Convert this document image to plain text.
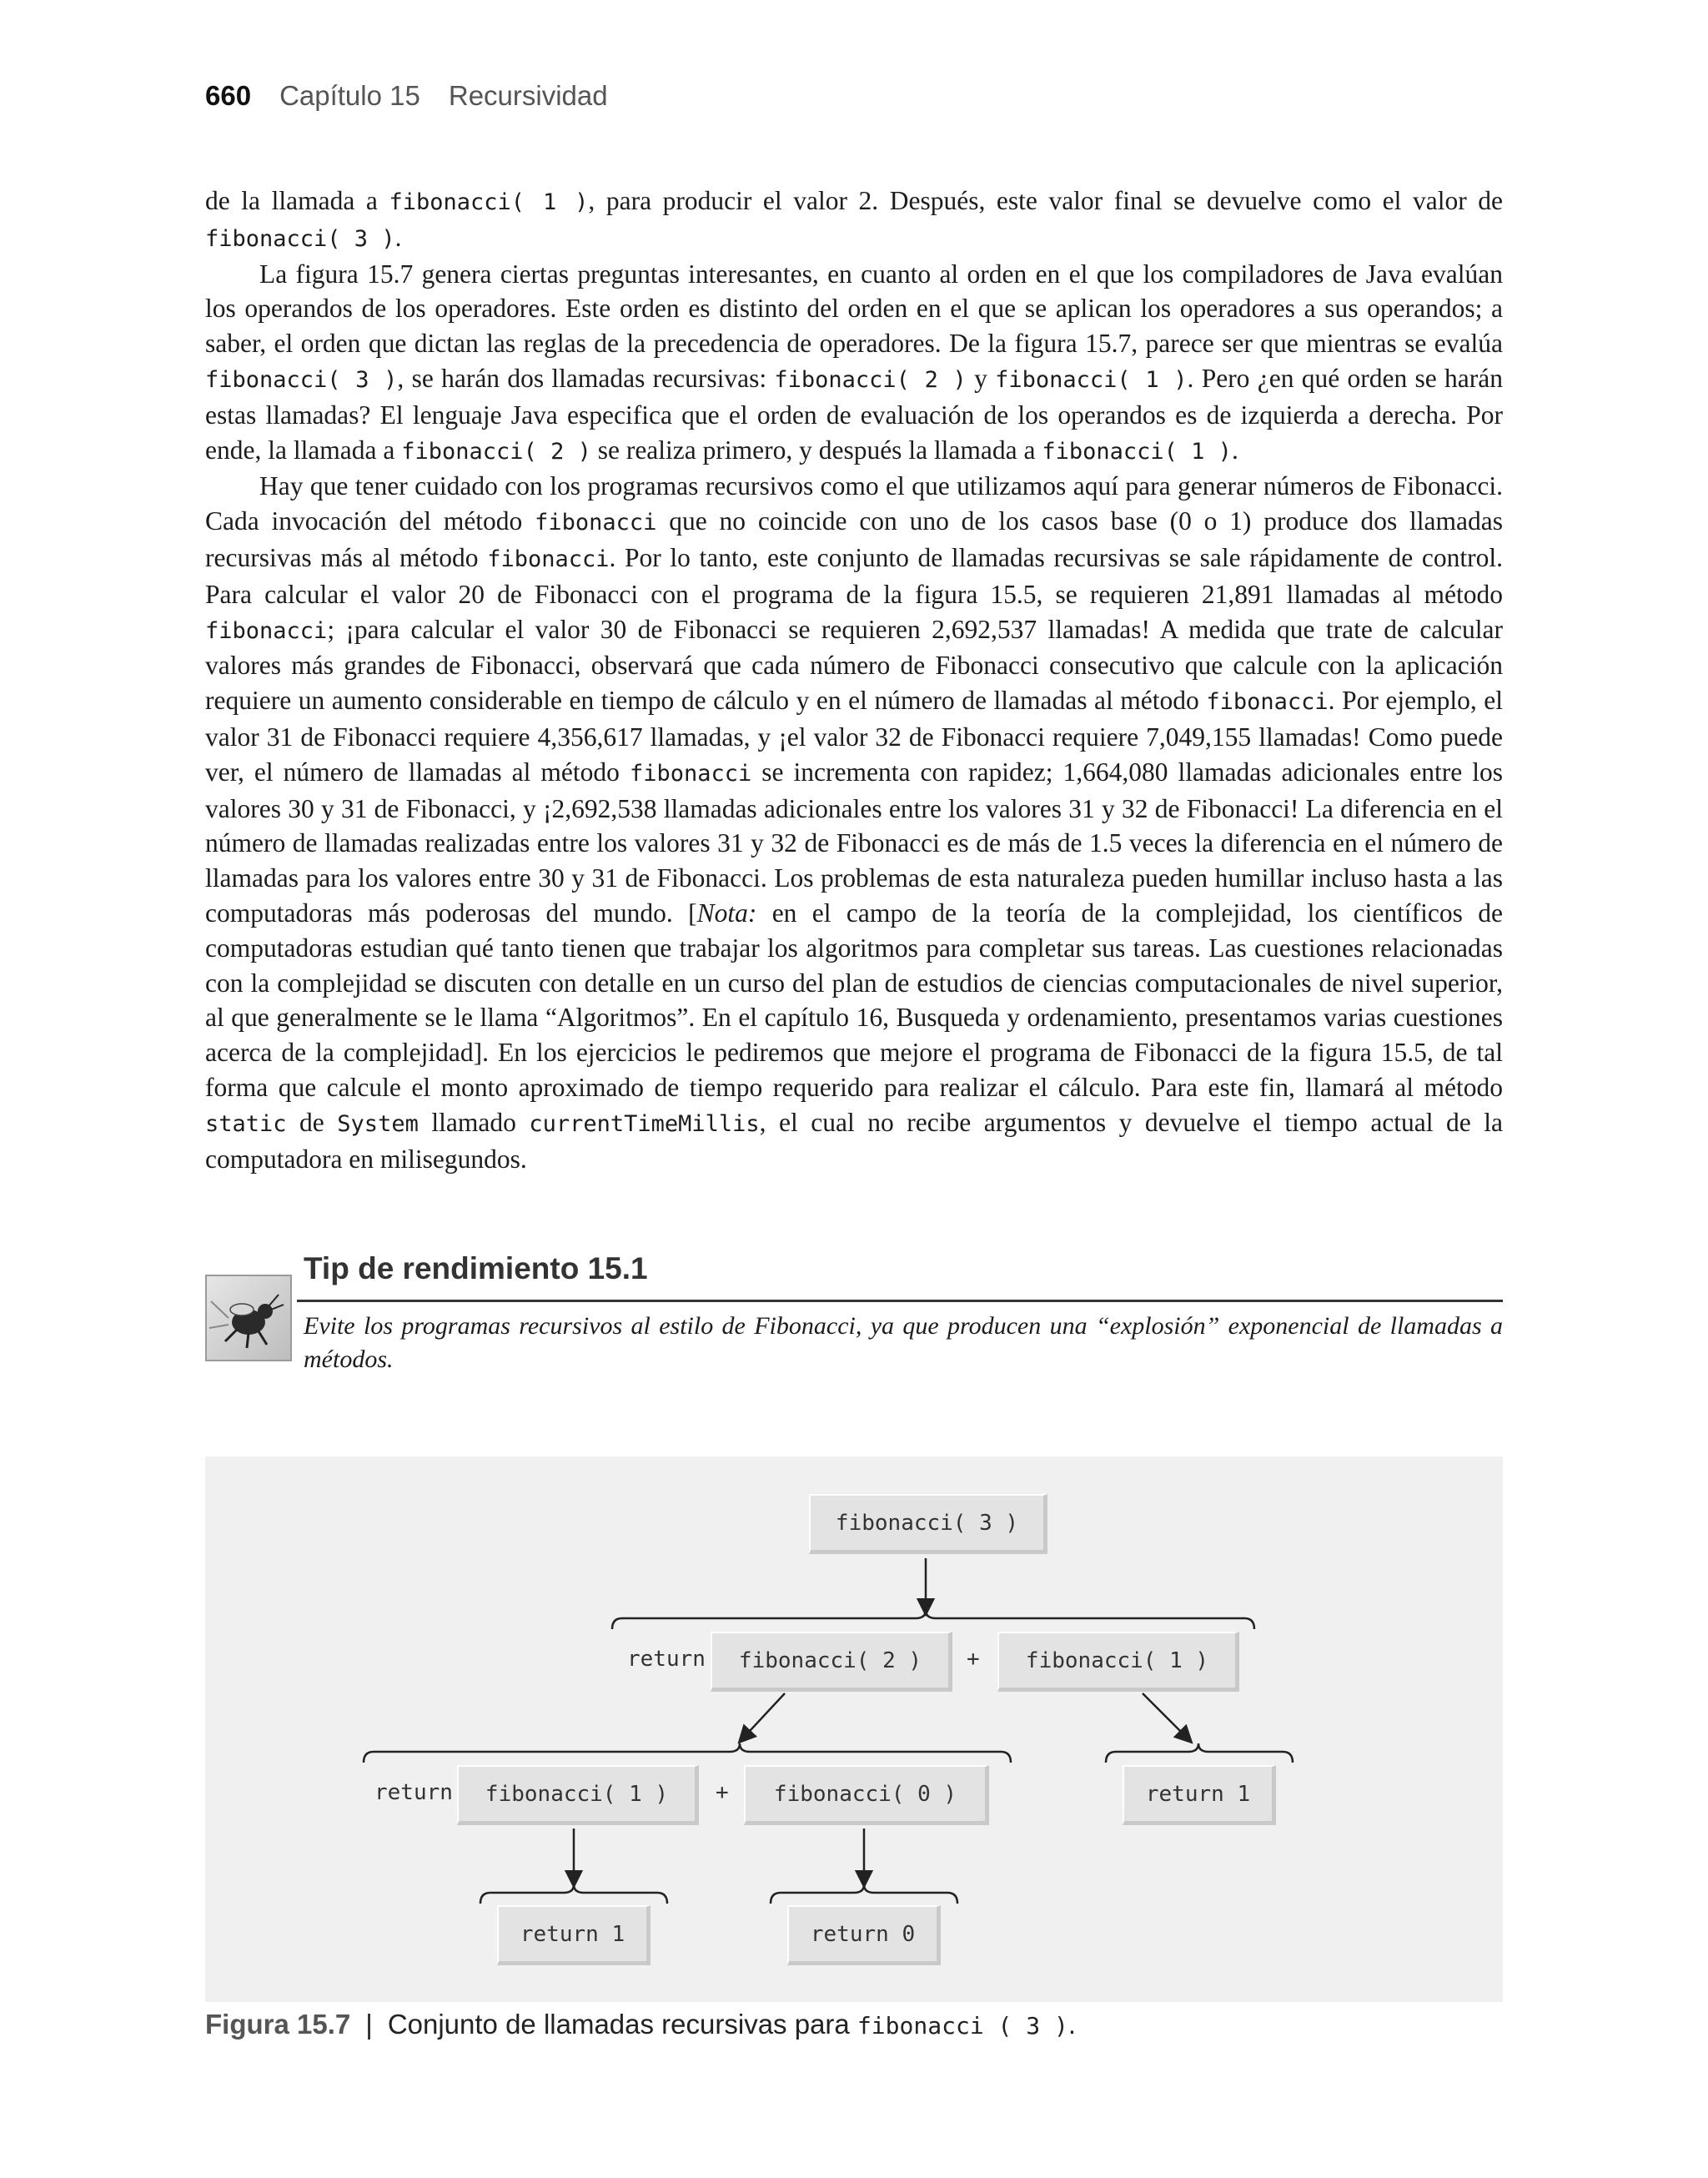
660 Capítulo 15 Recursividad

de la llamada a fibonacci( 1 ), para producir el valor 2. Después, este valor final se devuelve como el valor de fibonacci( 3 ).

La figura 15.7 genera ciertas preguntas interesantes, en cuanto al orden en el que los compiladores de Java evalúan los operandos de los operadores. Este orden es distinto del orden en el que se aplican los operadores a sus operandos; a saber, el orden que dictan las reglas de la precedencia de operadores. De la figura 15.7, parece ser que mientras se evalúa fibonacci( 3 ), se harán dos llamadas recursivas: fibonacci( 2 ) y fibonacci( 1 ). Pero ¿en qué orden se harán estas llamadas? El lenguaje Java especifica que el orden de evaluación de los operandos es de izquierda a derecha. Por ende, la llamada a fibonacci( 2 ) se realiza primero, y después la llamada a fibonacci( 1 ).

Hay que tener cuidado con los programas recursivos como el que utilizamos aquí para generar números de Fibonacci. Cada invocación del método fibonacci que no coincide con uno de los casos base (0 o 1) produce dos llamadas recursivas más al método fibonacci. Por lo tanto, este conjunto de llamadas recursivas se sale rápidamente de control. Para calcular el valor 20 de Fibonacci con el programa de la figura 15.5, se requieren 21,891 llamadas al método fibonacci; ¡para calcular el valor 30 de Fibonacci se requieren 2,692,537 llamadas! A medida que trate de calcular valores más grandes de Fibonacci, observará que cada número de Fibonacci consecutivo que calcule con la aplicación requiere un aumento considerable en tiempo de cálculo y en el número de llamadas al método fibonacci. Por ejemplo, el valor 31 de Fibonacci requiere 4,356,617 llamadas, y ¡el valor 32 de Fibonacci requiere 7,049,155 llamadas! Como puede ver, el número de llamadas al método fibonacci se incrementa con rapidez; 1,664,080 llamadas adicionales entre los valores 30 y 31 de Fibonacci, y ¡2,692,538 llamadas adicionales entre los valores 31 y 32 de Fibonacci! La diferencia en el número de llamadas realizadas entre los valores 31 y 32 de Fibonacci es de más de 1.5 veces la diferencia en el número de llamadas para los valores entre 30 y 31 de Fibonacci. Los problemas de esta naturaleza pueden humillar incluso hasta a las computadoras más poderosas del mundo. [Nota: en el campo de la teoría de la complejidad, los científicos de computadoras estudian qué tanto tienen que trabajar los algoritmos para completar sus tareas. Las cuestiones relacionadas con la complejidad se discuten con detalle en un curso del plan de estudios de ciencias computacionales de nivel superior, al que generalmente se le llama “Algoritmos”. En el capítulo 16, Busqueda y ordenamiento, presentamos varias cuestiones acerca de la complejidad]. En los ejercicios le pediremos que mejore el programa de Fibonacci de la figura 15.5, de tal forma que calcule el monto aproximado de tiempo requerido para realizar el cálculo. Para este fin, llamará al método static de System llamado currentTimeMillis, el cual no recibe argumentos y devuelve el tiempo actual de la computadora en milisegundos.

Tip de rendimiento 15.1
Evite los programas recursivos al estilo de Fibonacci, ya que producen una “explosión” exponencial de llamadas a métodos.
fibonacci( 3 )
return	fibonacci( 2 )	+	fibonacci( 1 )
return	fibonacci( 1 )	+	fibonacci( 0 )	return 1
return 1	return 0
Figura 15.7 | Conjunto de llamadas recursivas para fibonacci ( 3 ).
